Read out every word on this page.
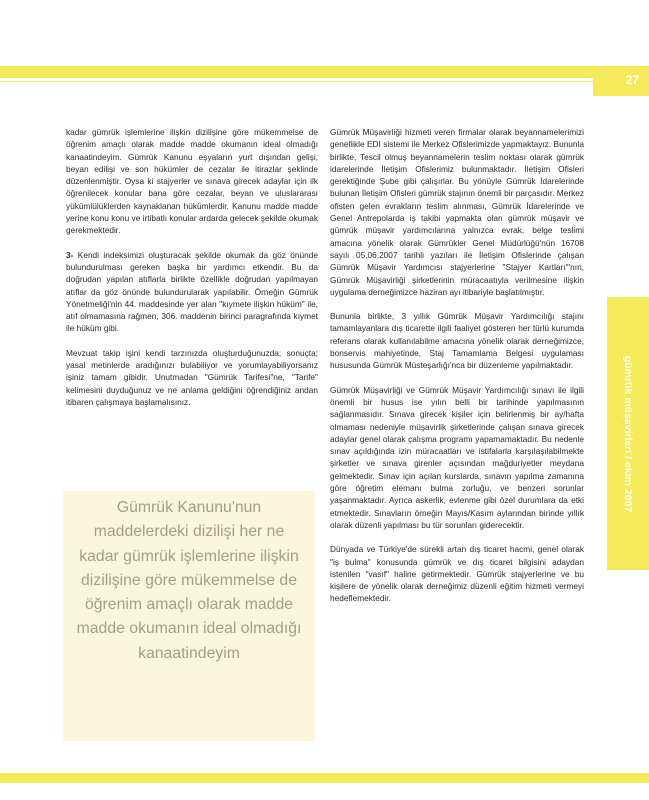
27

kadar gümrük işlemlerine ilişkin dizilişine göre mükemmelse de öğrenim amaçlı olarak madde madde okumanın ideal olmadığı kanaatindeyim. Gümrük Kanunu eşyaların yurt dışından gelişi, beyan edilişi ve son hükümler de cezalar ile itirazlar şeklinde düzenlenmiştir. Oysa ki stajyerler ve sınava girecek adaylar için ilk öğrenilecek konular bana göre cezalar, beyan ve uluslararası yükümlülüklerden kaynaklanan hükümlerdir. Kanunu madde madde yerine konu konu ve irtibatlı konular ardarda gelecek şekilde okumak gerekmektedir.

3- Kendi indeksimizi oluşturacak şekilde okumak da göz önünde bulundurulması gereken başka bir yardımcı etkendir. Bu da doğrudan yapılan atıflarla birlikte özellikle doğrudan yapılmayan atıflar da göz önünde bulundurularak yapılabilir. Örneğin Gümrük Yönetmeliği'nin 44. maddesinde yer alan "kıymete ilişkin hüküm" ile, atıf olmamasına rağmen, 306. maddenin birinci paragrafında kıymet ile hüküm gibi.

Mevzuat takip işini kendi tarzınızda oluşturduğunuzda; sonuçta; yasal metinlerde aradığınızı bulabiliyor ve yorumlayabiliyorsanız işiniz tamam gibidir. Unutmadan "Gümrük Tarifesi"ne, "Tarife" kelimesini duyduğunuz ve ne anlama geldiğini öğrendiğiniz andan itibaren çalışmaya başlamalısınız.

Gümrük Kanunu'nun maddelerdeki dizilişi her ne kadar gümrük işlemlerine ilişkin dizilişine göre mükemmelse de öğrenim amaçlı olarak madde madde okumanın ideal olmadığı kanaatindeyim

Gümrük Müşavirliği hizmeti veren firmalar olarak beyannamelerimizi genellikle EDI sistemi ile Merkez Ofislerimizde yapmaktayız. Bununla birlikte, Tescil olmuş beyannamelerin teslim noktası olarak gümrük idarelerinde İletişim Ofislerimiz bulunmaktadır. İletişim Ofisleri gerektiğinde Şube gibi çalışırlar. Bu yönüyle Gümrük İdarelerinde bulunan İletişim Ofisleri gümrük stajının önemli bir parçasıdır. Merkez ofisten gelen evrakların teslim alınması, Gümrük İdarelerinde ve Genel Antrepolarda iş takibi yapmakta olan gümrük müşavir ve gümrük müşavir yardımcılarına yalnızca evrak, belge teslimi amacına yönelik olarak Gümrükler Genel Müdürlüğü'nün 16708 sayılı 05.06.2007 tarihli yazıları ile İletişim Ofislerinde çalışan Gümrük Müşavir Yardımcısı stajyerlerine "Stajyer Kartları"'nın, Gümrük Müşavirliği şirketlerinin müracaatıyla verilmesine ilişkin uygulama derneğimizce haziran ayı itibariyle başlatılmıştır.

Bununla birlikte, 3 yıllık Gümrük Müşavir Yardımcılığı stajını tamamlayanlara dış ticarette ilgili faaliyet gösteren her türlü kurumda referans olarak kullanılabilme amacına yönelik olarak derneğimizce, bonservis mahiyetinde, Staj Tamamlama Belgesi uygulaması hususunda Gümrük Müsteşarlığı'nca bir düzenleme yapılmaktadır.

Gümrük Müşavirliği ve Gümrük Müşavir Yardımcılığı sınavı ile ilgili önemli bir husus ise yılın belli bir tarihinde yapılmasının sağlanmasıdır. Sınava girecek kişiler için belirlenmiş bir ay/hafta olmaması nedeniyle müşavirlik şirketlerinde çalışan sınava girecek adaylar genel olarak çalışma programı yapamamaktadır. Bu nedenle sınav açıldığında izin müracaatları ve istifalarla karşılaşılabilmekte şirketler ve sınava girenler açısından mağduriyetler meydana gelmektedir. Sınav için açılan kurslarda, sınavın yapılma zamanına göre öğretim elemanı bulma zorluğu, ve benzeri sorunlar yaşanmaktadır. Ayrıca askerlik, evlenme gibi özel durumlara da etki etmektedir. Sınavların örneğin Mayıs/Kasım aylarından birinde yıllık olarak düzenli yapılması bu tür sorunları giderecektir.

Dünyada ve Türkiye'de sürekli artan dış ticaret hacmi, genel olarak "iş bulma" konusunda gümrük ve dış ticaret bilgisini adaydan istenilen "vasıf" haline getirmektedir. Gümrük stajyerlerine ve bu kişilere de yönelik olarak derneğimiz düzenli eğitim hizmeti vermeyi hedeflemektedir.

gümrük müşavirleri / ekim 2007
